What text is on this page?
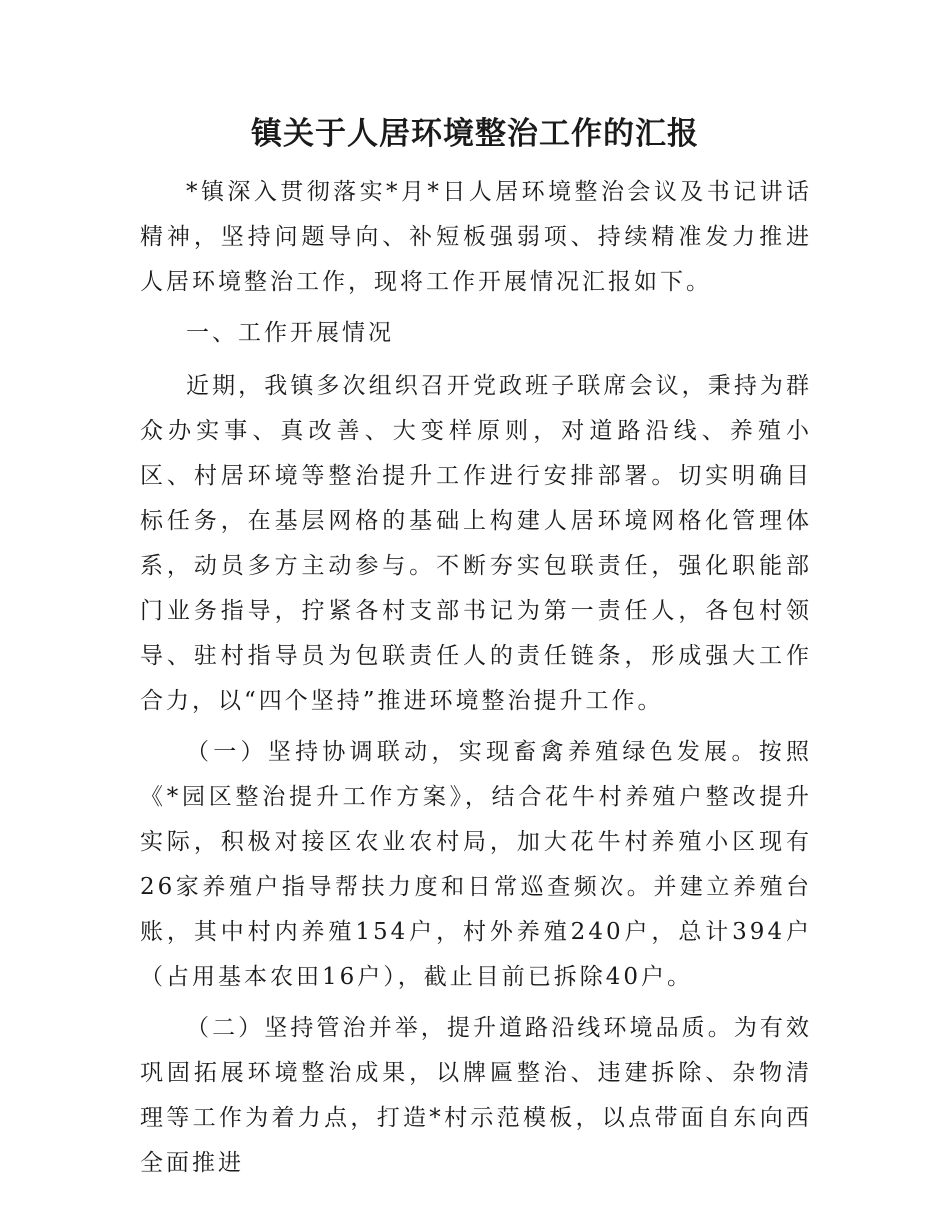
镇关于人居环境整治工作的汇报

*镇深入贯彻落实*月*日人居环境整治会议及书记讲话精神，坚持问题导向、补短板强弱项、持续精准发力推进人居环境整治工作，现将工作开展情况汇报如下。

一、工作开展情况

近期，我镇多次组织召开党政班子联席会议，秉持为群众办实事、真改善、大变样原则，对道路沿线、养殖小区、村居环境等整治提升工作进行安排部署。切实明确目标任务，在基层网格的基础上构建人居环境网格化管理体系，动员多方主动参与。不断夯实包联责任，强化职能部门业务指导，拧紧各村支部书记为第一责任人，各包村领导、驻村指导员为包联责任人的责任链条，形成强大工作合力，以“四个坚持”推进环境整治提升工作。

（一）坚持协调联动，实现畜禽养殖绿色发展。按照《*园区整治提升工作方案》，结合花牛村养殖户整改提升实际，积极对接区农业农村局，加大花牛村养殖小区现有26家养殖户指导帮扶力度和日常巡查频次。并建立养殖台账，其中村内养殖154户，村外养殖240户，总计394户（占用基本农田16户），截止目前已拆除40户。

（二）坚持管治并举，提升道路沿线环境品质。为有效巩固拓展环境整治成果，以牌匾整治、违建拆除、杂物清理等工作为着力点，打造*村示范模板，以点带面自东向西全面推进
